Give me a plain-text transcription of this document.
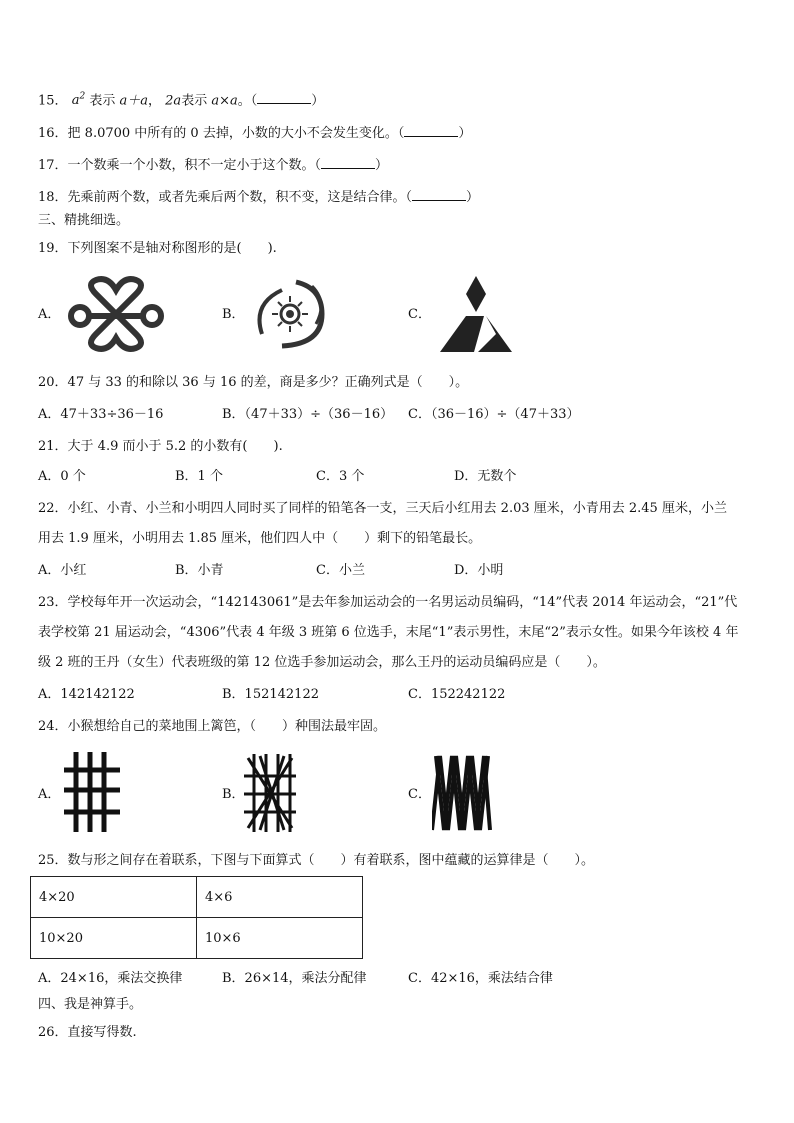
15． $a^2$ 表示 a＋a， 2a表示 a×a。（	）
16．把 8.0700 中所有的 0 去掉，小数的大小不会发生变化。（	）
17．一个数乘一个小数，积不一定小于这个数。（	）
18．先乘前两个数，或者先乘后两个数，积不变，这是结合律。（	）
三、精挑细选。
19．下列图案不是轴对称图形的是(　　).
A．	B．	C．
20．47 与 33 的和除以 36 与 16 的差，商是多少？正确列式是（　　）。
A．47＋33÷36－16	B．（47＋33）÷（36－16） C．（36－16）÷（47＋33）
21．大于 4.9 而小于 5.2 的小数有(　　).
A．0 个	B．1 个	C．3 个	D．无数个
22．小红、小青、小兰和小明四人同时买了同样的铅笔各一支，三天后小红用去 2.03 厘米，小青用去 2.45 厘米，小兰
用去 1.9 厘米，小明用去 1.85 厘米，他们四人中（　　）剩下的铅笔最长。
A．小红	B．小青	C．小兰	D．小明
23．学校每年开一次运动会，“142143061”是去年参加运动会的一名男运动员编码，“14”代表 2014 年运动会，“21”代
表学校第 21 届运动会，“4306”代表 4 年级 3 班第 6 位选手，末尾“1”表示男性，末尾“2”表示女性。如果今年该校 4 年
级 2 班的王丹（女生）代表班级的第 12 位选手参加运动会，那么王丹的运动员编码应是（　　）。
A．142142122	B．152142122	C．152242122
24．小猴想给自己的菜地围上篱笆，（　　）种围法最牢固。
A．	B．	C．
25．数与形之间存在着联系，下图与下面算式（　　）有着联系，图中蕴藏的运算律是（　　）。
4×20	4×6
10×20	10×6
A．24×16，乘法交换律	B．26×14，乘法分配律	C．42×16，乘法结合律
四、我是神算手。
26．直接写得数.
